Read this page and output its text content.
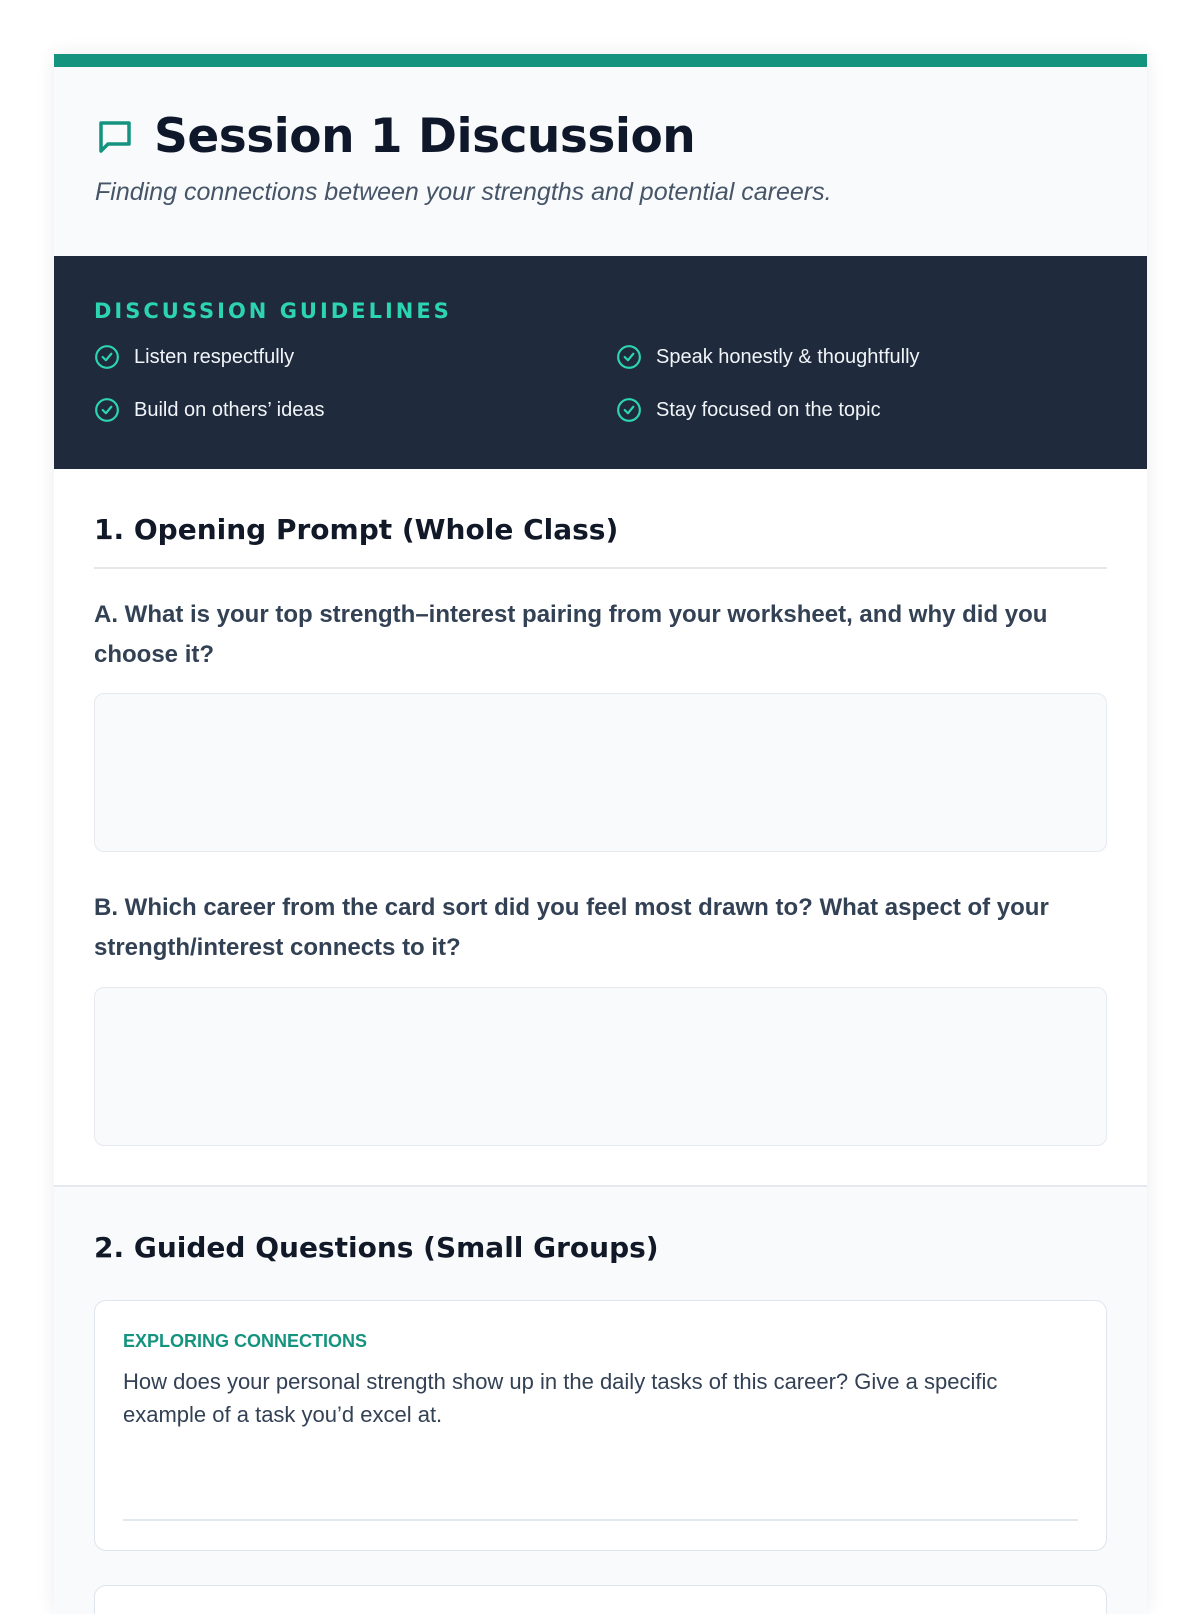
Session 1 Discussion

Finding connections between your strengths and potential careers.

DISCUSSION GUIDELINES
Listen respectfully	Speak honestly & thoughtfully
Build on others’ ideas	Stay focused on the topic
1. Opening Prompt (Whole Class)

A. What is your top strength–interest pairing from your worksheet, and why did you choose it?

B. Which career from the card sort did you feel most drawn to? What aspect of your strength/interest connects to it?

2. Guided Questions (Small Groups)

EXPLORING CONNECTIONS

How does your personal strength show up in the daily tasks of this career? Give a specific example of a task you’d excel at.
